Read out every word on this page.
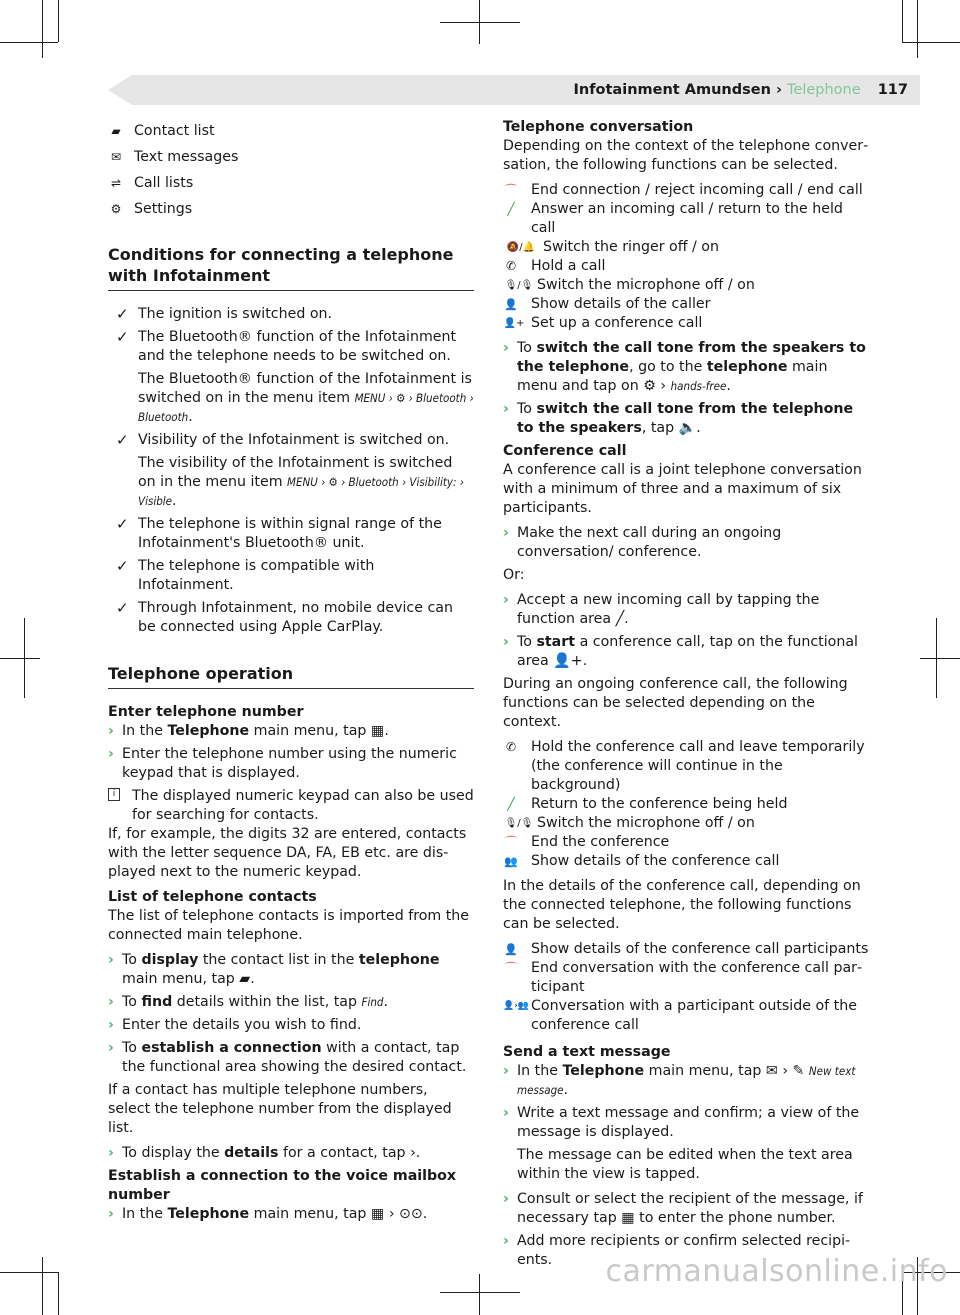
Infotainment Amundsen › Telephone 117
▰ Contact list
✉ Text messages
⇌ Call lists
⚙ Settings
Conditions for connecting a telephone with Infotainment
✓ The ignition is switched on.
✓ The Bluetooth® function of the Infotainment and the telephone needs to be switched on.
The Bluetooth® function of the Infotainment is switched on in the menu item MENU › ⚙ › Bluetooth › Bluetooth.
✓ Visibility of the Infotainment is switched on.
The visibility of the Infotainment is switched on in the menu item MENU › ⚙ › Bluetooth › Visibility: › Visible.
✓ The telephone is within signal range of the Infotainment's Bluetooth® unit.
✓ The telephone is compatible with Infotainment.
✓ Through Infotainment, no mobile device can be connected using Apple CarPlay.
Telephone operation
Enter telephone number
› In the Telephone main menu, tap ▦.
› Enter the telephone number using the numeric keypad that is displayed.
i	The displayed numeric keypad can also be used for searching for contacts.
If, for example, the digits 32 are entered, contacts with the letter sequence DA, FA, EB etc. are displayed next to the numeric keypad.
List of telephone contacts
The list of telephone contacts is imported from the connected main telephone.
› To display the contact list in the telephone main menu, tap ▰.
› To find details within the list, tap Find.
› Enter the details you wish to find.
› To establish a connection with a contact, tap the functional area showing the desired contact.
If a contact has multiple telephone numbers, select the telephone number from the displayed list.
› To display the details for a contact, tap ›.
Establish a connection to the voice mailbox number
› In the Telephone main menu, tap ▦ › ⊙⊙.
Telephone conversation
Depending on the context of the telephone conversation, the following functions can be selected.
⌒ End connection / reject incoming call / end call
╱	Answer an incoming call / return to the held call
🔕/🔔 Switch the ringer off / on
✆ Hold a call
🎙/🎙 Switch the microphone off / on
👤 Show details of the caller
👤+ Set up a conference call
› To switch the call tone from the speakers to the telephone, go to the telephone main menu and tap on ⚙ › hands-free.
› To switch the call tone from the telephone to the speakers, tap 🔈.
Conference call
A conference call is a joint telephone conversation with a minimum of three and a maximum of six participants.
› Make the next call during an ongoing conversation/ conference.
Or:
› Accept a new incoming call by tapping the function area ╱.
› To start a conference call, tap on the functional area 👤+.
During an ongoing conference call, the following functions can be selected depending on the context.
✆ Hold the conference call and leave temporarily (the conference will continue in the background)
╱	Return to the conference being held
🎙/🎙 Switch the microphone off / on
⌒ End the conference
👥 Show details of the conference call
In the details of the conference call, depending on the connected telephone, the following functions can be selected.
👤 Show details of the conference call participants
⌒ End conversation with the conference call participant
👤›👥 Conversation with a participant outside of the conference call
Send a text message
› In the Telephone main menu, tap ✉ › ✎ New text message.
› Write a text message and confirm; a view of the message is displayed.
The message can be edited when the text area within the view is tapped.
› Consult or select the recipient of the message, if necessary tap ▦ to enter the phone number.
› Add more recipients or confirm selected recipients.	carmanualsonline.info
